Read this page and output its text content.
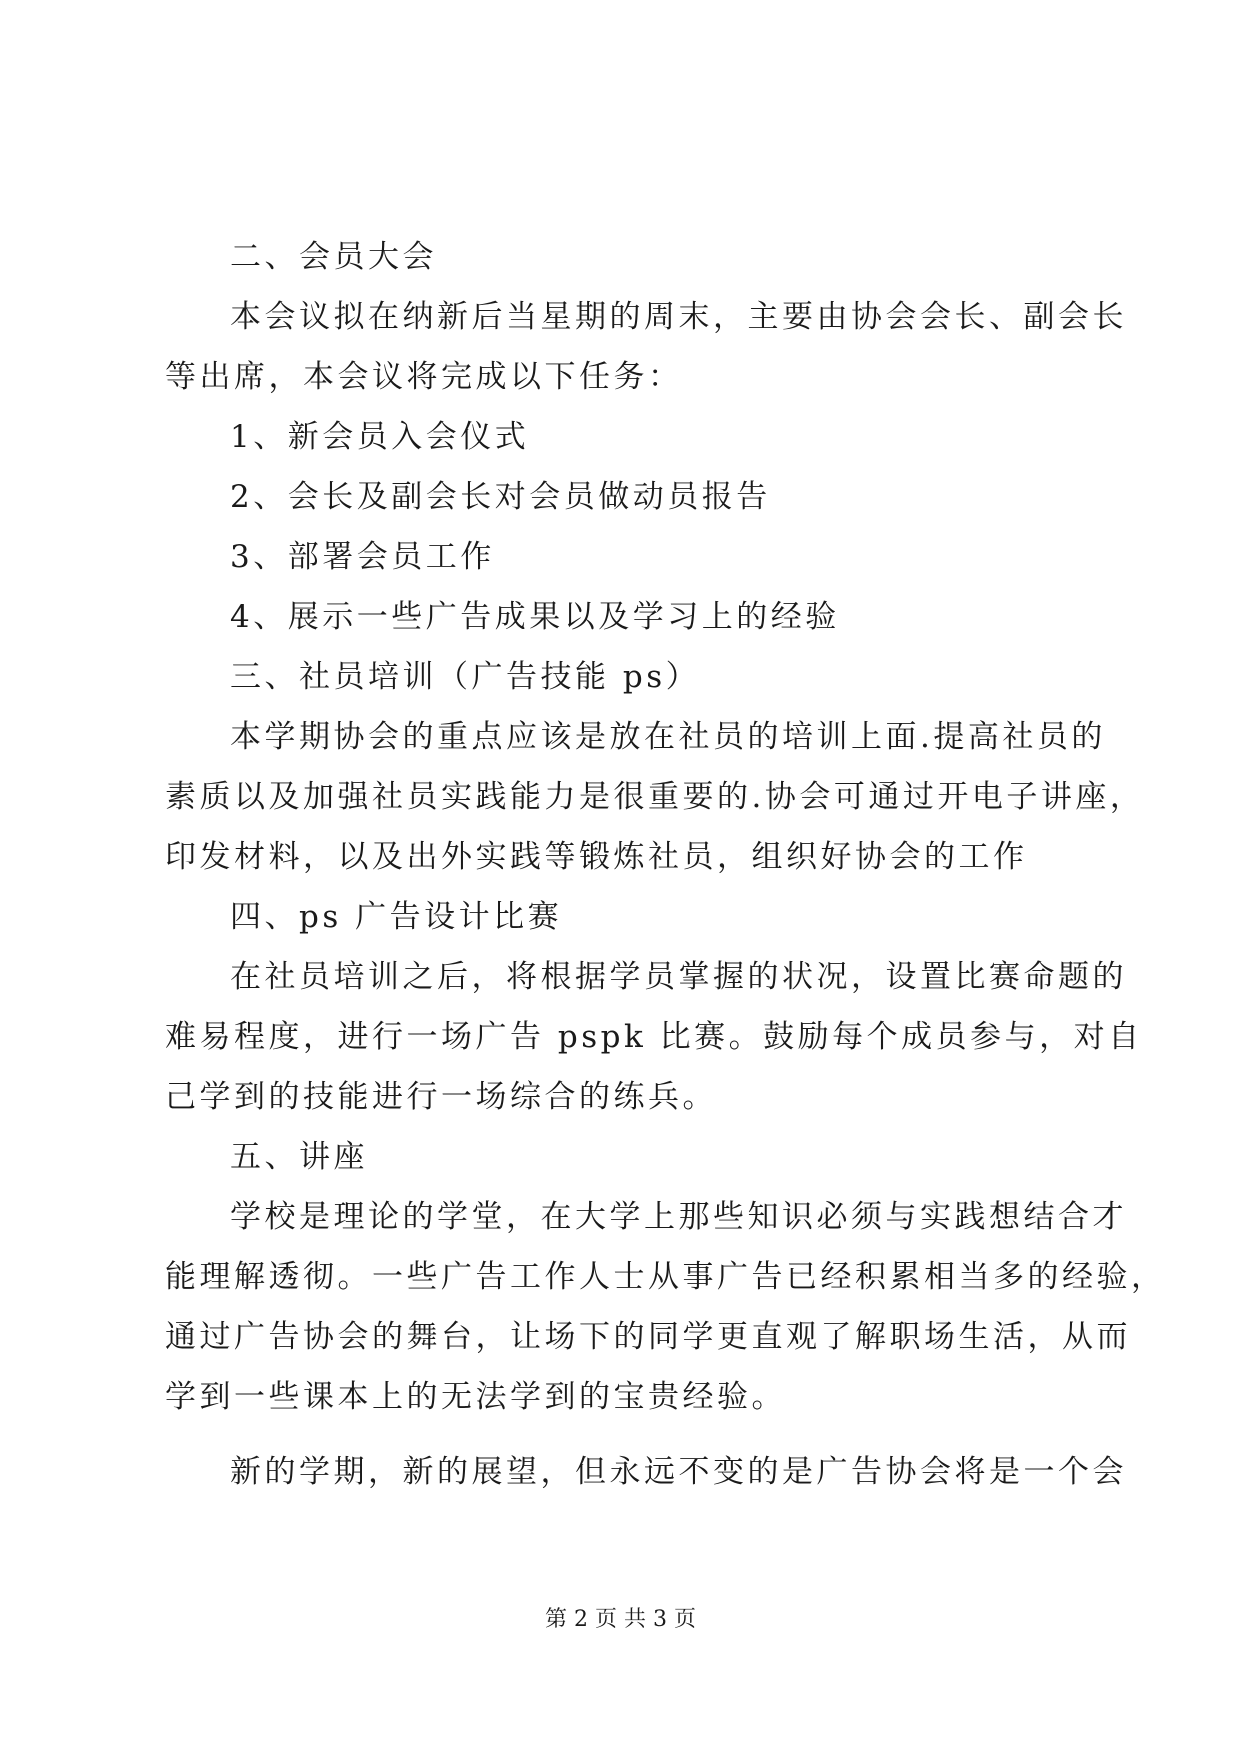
二、会员大会
本会议拟在纳新后当星期的周末，主要由协会会长、副会长
等出席，本会议将完成以下任务：
1、新会员入会仪式
2、会长及副会长对会员做动员报告
3、部署会员工作
4、展示一些广告成果以及学习上的经验
三、社员培训（广告技能 ps）
本学期协会的重点应该是放在社员的培训上面.提高社员的
素质以及加强社员实践能力是很重要的.协会可通过开电子讲座，
印发材料，以及出外实践等锻炼社员，组织好协会的工作
四、ps 广告设计比赛
在社员培训之后，将根据学员掌握的状况，设置比赛命题的
难易程度，进行一场广告 pspk 比赛。鼓励每个成员参与，对自
己学到的技能进行一场综合的练兵。
五、讲座
学校是理论的学堂，在大学上那些知识必须与实践想结合才
能理解透彻。一些广告工作人士从事广告已经积累相当多的经验，
通过广告协会的舞台，让场下的同学更直观了解职场生活，从而
学到一些课本上的无法学到的宝贵经验。
新的学期，新的展望，但永远不变的是广告协会将是一个会
第 2 页 共 3 页
